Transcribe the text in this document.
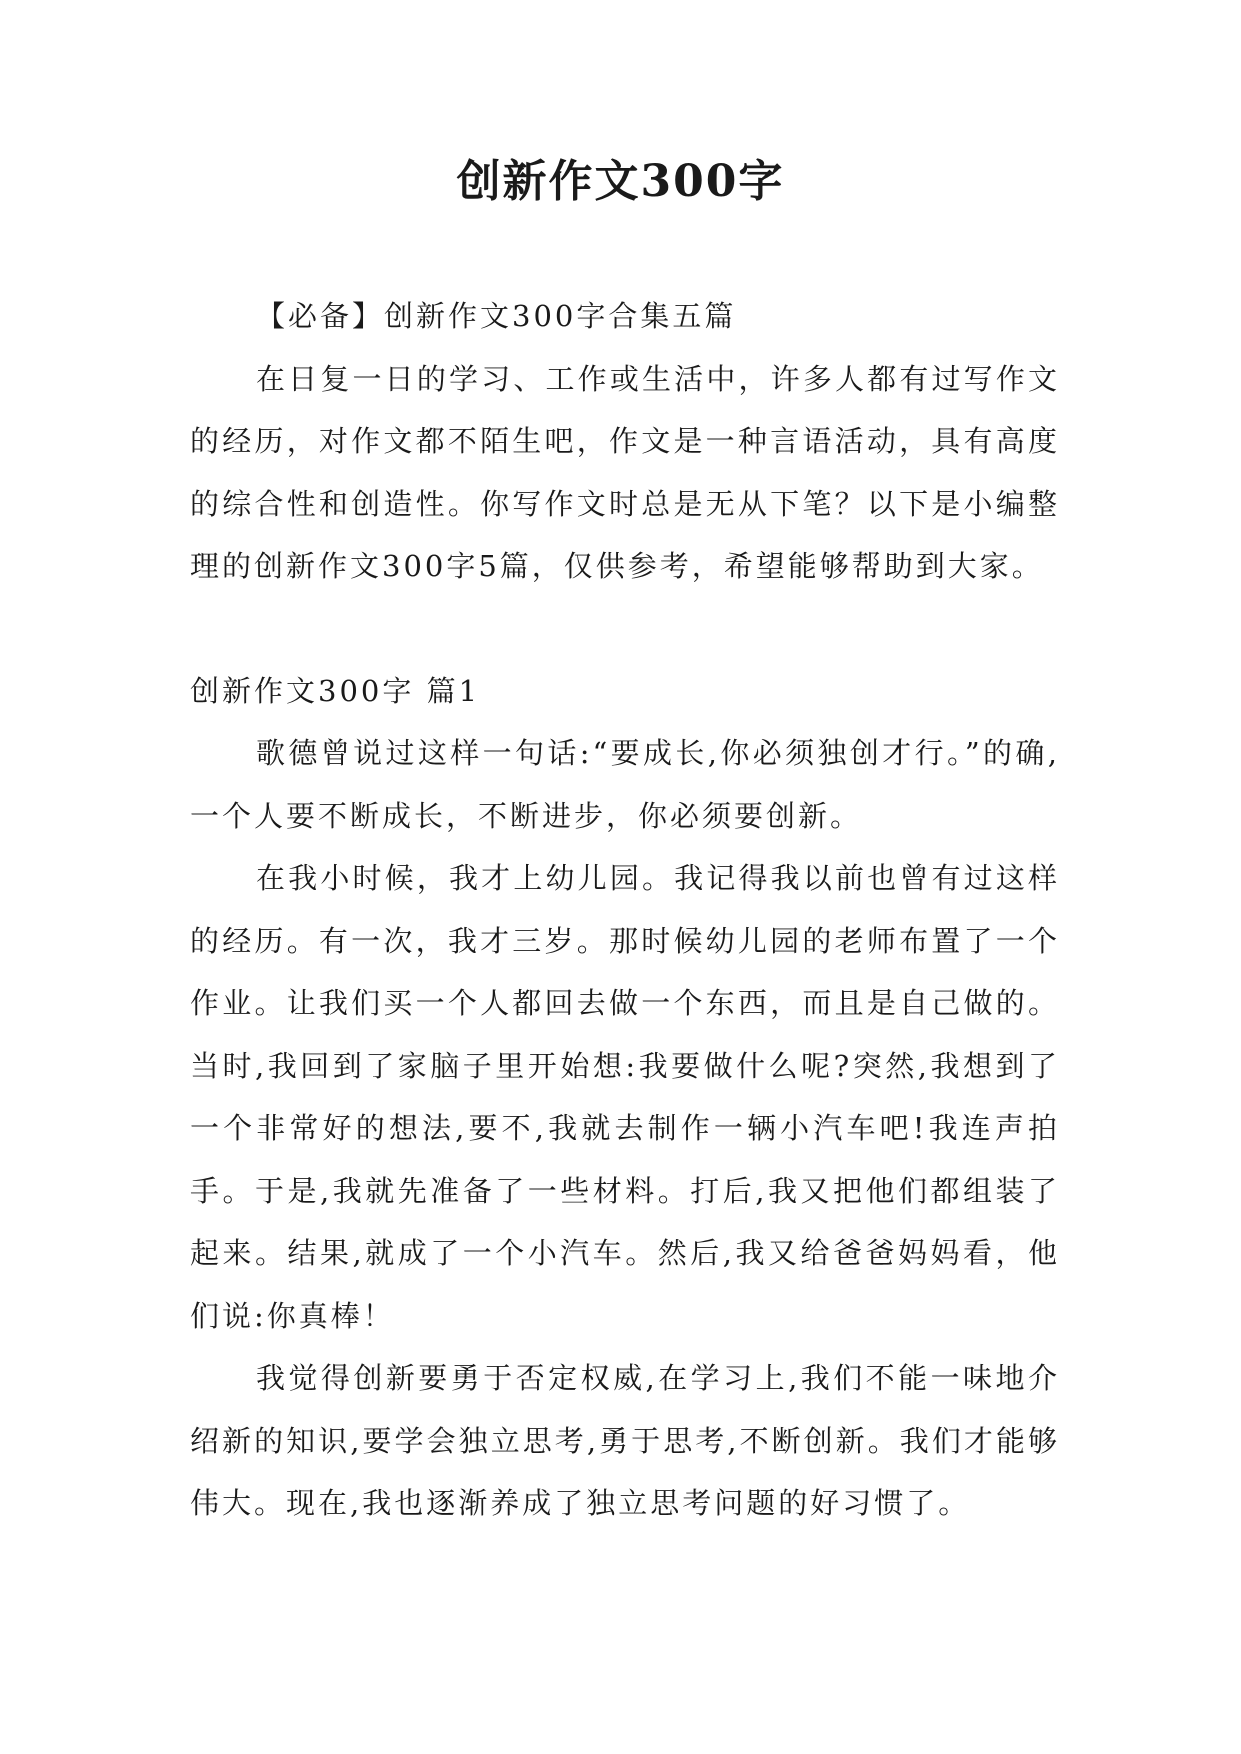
创新作文300字

【必备】创新作文300字合集五篇

在日复一日的学习、工作或生活中，许多人都有过写作文的经历，对作文都不陌生吧，作文是一种言语活动，具有高度的综合性和创造性。你写作文时总是无从下笔？以下是小编整理的创新作文300字5篇，仅供参考，希望能够帮助到大家。

创新作文300字 篇1

歌德曾说过这样一句话:“要成长,你必须独创才行。”的确,一个人要不断成长，不断进步，你必须要创新。

在我小时候，我才上幼儿园。我记得我以前也曾有过这样的经历。有一次，我才三岁。那时候幼儿园的老师布置了一个作业。让我们买一个人都回去做一个东西，而且是自己做的。当时,我回到了家脑子里开始想:我要做什么呢?突然,我想到了一个非常好的想法,要不,我就去制作一辆小汽车吧!我连声拍手。于是,我就先准备了一些材料。打后,我又把他们都组装了起来。结果,就成了一个小汽车。然后,我又给爸爸妈妈看，他们说:你真棒！

我觉得创新要勇于否定权威,在学习上,我们不能一味地介绍新的知识,要学会独立思考,勇于思考,不断创新。我们才能够伟大。现在,我也逐渐养成了独立思考问题的好习惯了。
